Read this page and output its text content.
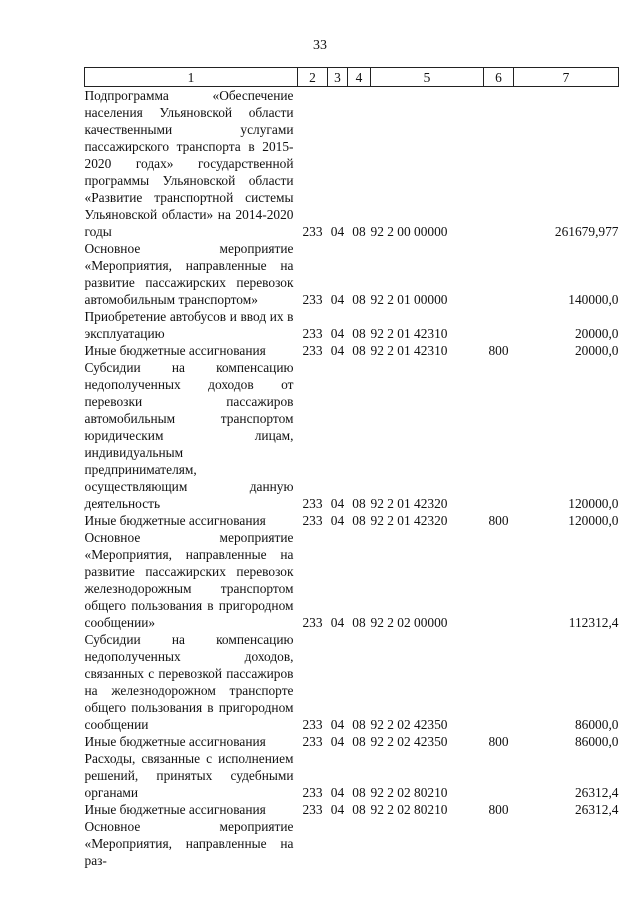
33
1	2	3	4	5	6	7
Подпрограмма «Обеспечение населения Ульяновской области качественными услугами пассажирского транспорта в 2015-2020 годах» государственной программы Ульяновской области «Развитие транспортной системы Ульяновской области» на 2014-2020 годы	233	04	08	92 2 00 00000		261679,977
Основное мероприятие «Мероприятия, направленные на развитие пассажирских перевозок автомобильным транспортом»	233	04	08	92 2 01 00000		140000,0
Приобретение автобусов и ввод их в эксплуатацию	233	04	08	92 2 01 42310		20000,0
Иные бюджетные ассигнования	233	04	08	92 2 01 42310	800	20000,0
Субсидии на компенсацию недополученных доходов от перевозки пассажиров автомобильным транспортом юридическим лицам, индивидуальным предпринимателям, осуществляющим данную деятельность	233	04	08	92 2 01 42320		120000,0
Иные бюджетные ассигнования	233	04	08	92 2 01 42320	800	120000,0
Основное мероприятие «Мероприятия, направленные на развитие пассажирских перевозок железнодорожным транспортом общего пользования в пригородном сообщении»	233	04	08	92 2 02 00000		112312,4
Субсидии на компенсацию недополученных доходов, связанных с перевозкой пассажиров на железнодорожном транспорте общего пользования в пригородном сообщении	233	04	08	92 2 02 42350		86000,0
Иные бюджетные ассигнования	233	04	08	92 2 02 42350	800	86000,0
Расходы, связанные с исполнением решений, принятых судебными органами	233	04	08	92 2 02 80210		26312,4
Иные бюджетные ассигнования	233	04	08	92 2 02 80210	800	26312,4
Основное мероприятие «Мероприятия, направленные на раз-						
